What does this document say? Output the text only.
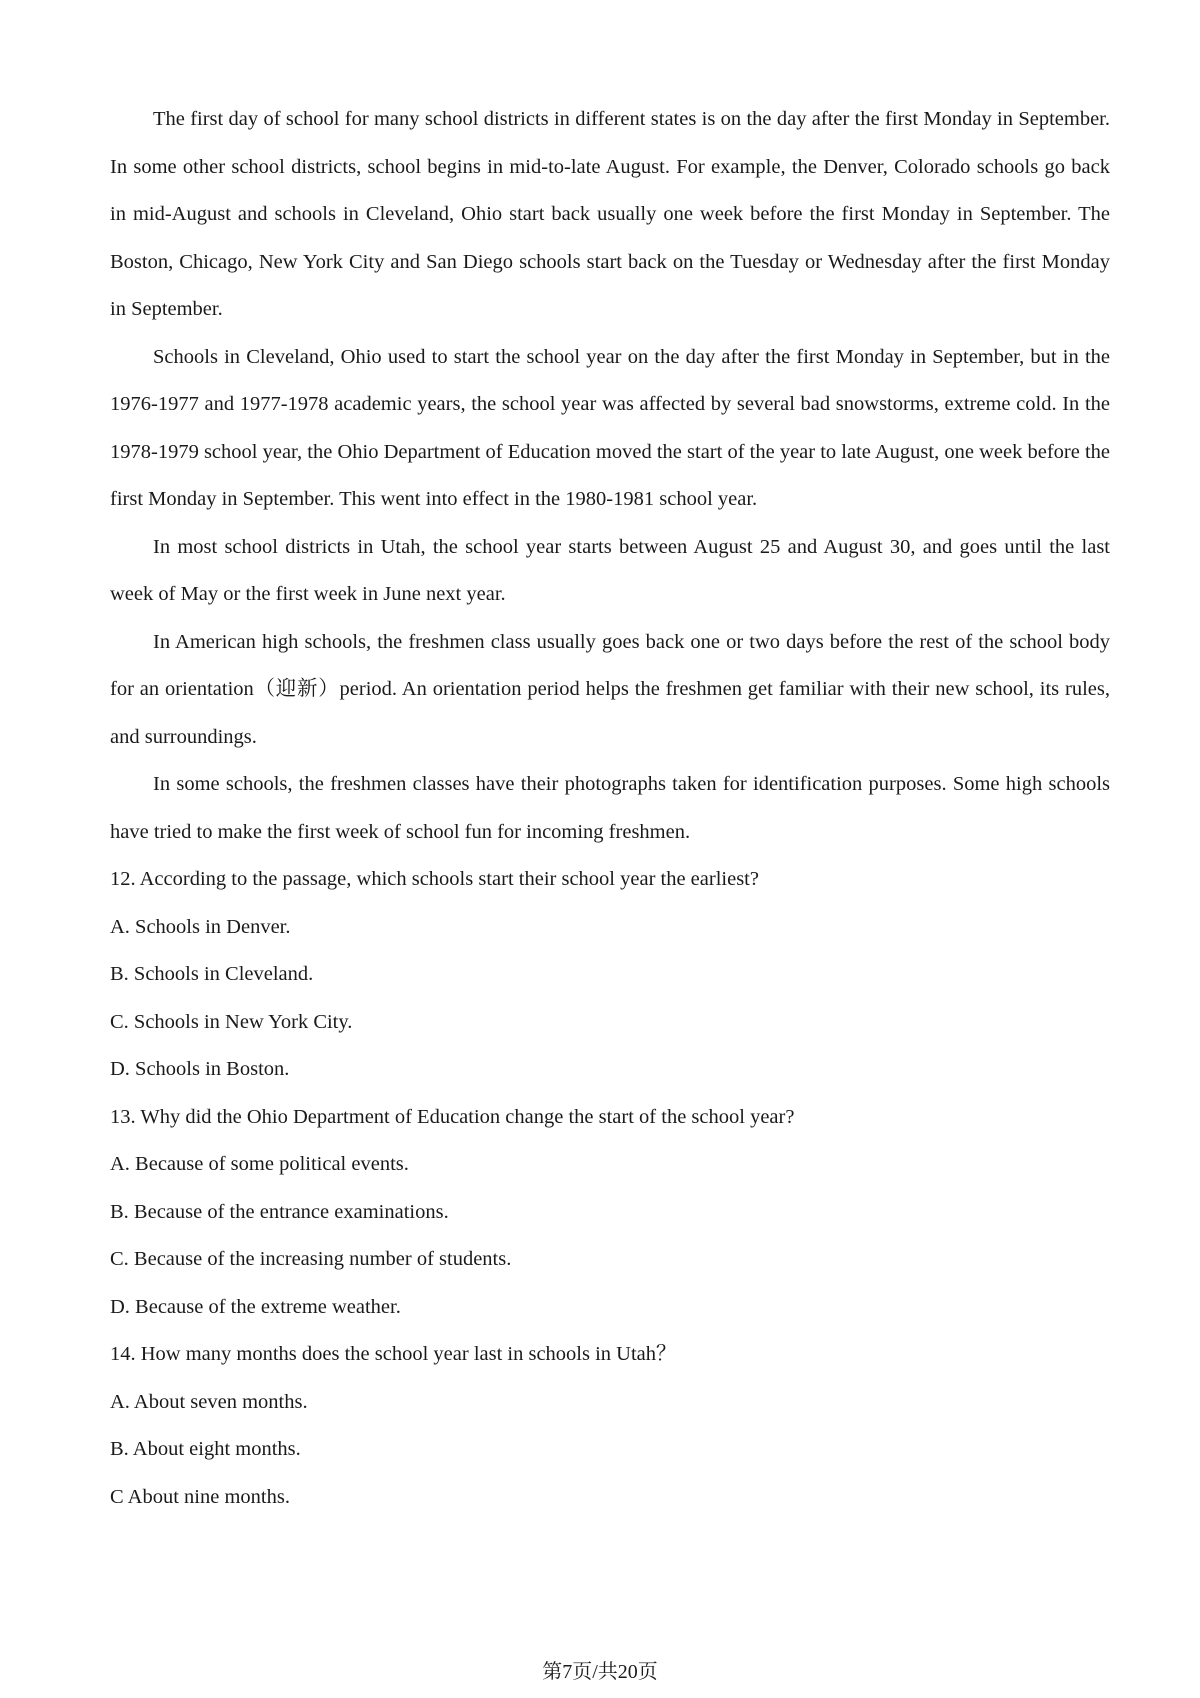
The first day of school for many school districts in different states is on the day after the first Monday in September. In some other school districts, school begins in mid-to-late August. For example, the Denver, Colorado schools go back in mid-August and schools in Cleveland, Ohio start back usually one week before the first Monday in September. The Boston, Chicago, New York City and San Diego schools start back on the Tuesday or Wednesday after the first Monday in September.

Schools in Cleveland, Ohio used to start the school year on the day after the first Monday in September, but in the 1976-1977 and 1977-1978 academic years, the school year was affected by several bad snowstorms, extreme cold. In the 1978-1979 school year, the Ohio Department of Education moved the start of the year to late August, one week before the first Monday in September. This went into effect in the 1980-1981 school year.

In most school districts in Utah, the school year starts between August 25 and August 30, and goes until the last week of May or the first week in June next year.

In American high schools, the freshmen class usually goes back one or two days before the rest of the school body for an orientation（迎新）period. An orientation period helps the freshmen get familiar with their new school, its rules, and surroundings.

In some schools, the freshmen classes have their photographs taken for identification purposes. Some high schools have tried to make the first week of school fun for incoming freshmen.

12. According to the passage, which schools start their school year the earliest?

A. Schools in Denver.

B. Schools in Cleveland.

C. Schools in New York City.

D. Schools in Boston.

13. Why did the Ohio Department of Education change the start of the school year?

A. Because of some political events.

B. Because of the entrance examinations.

C. Because of the increasing number of students.

D. Because of the extreme weather.

14. How many months does the school year last in schools in Utah？

A. About seven months.

B. About eight months.

C About nine months.

第7页/共20页
